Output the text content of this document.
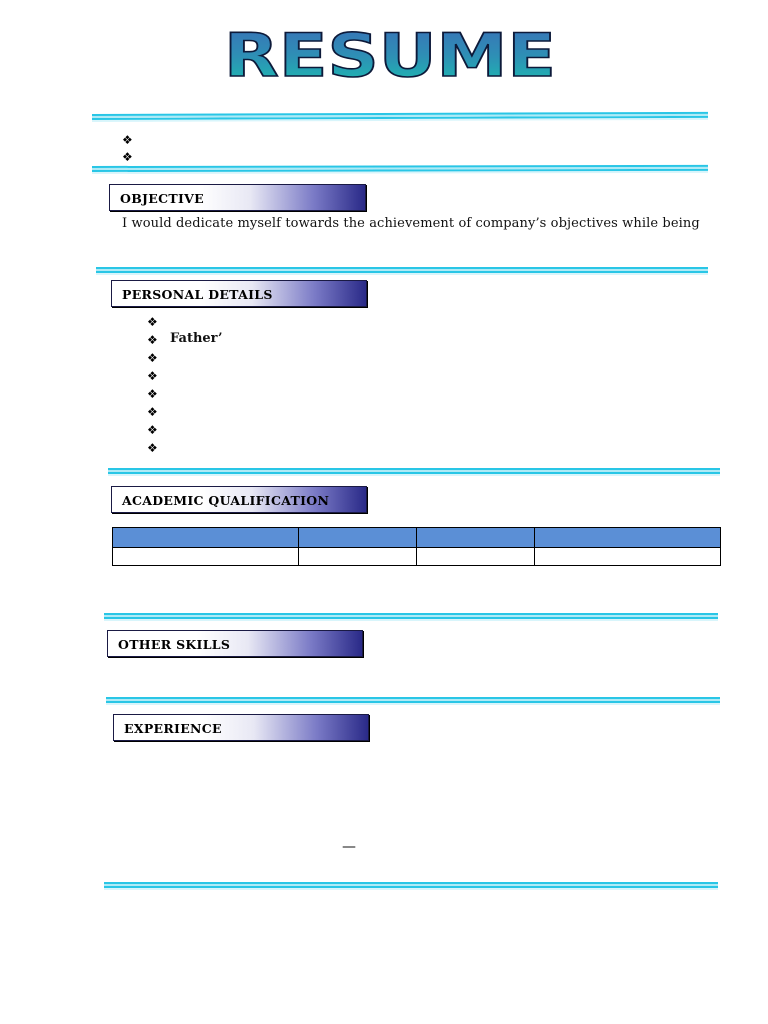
RESUME
❖
❖
OBJECTIVE
I would dedicate myself towards the achievement of company’s objectives while being
PERSONAL DETAILS
❖
❖ Father’
❖
❖
❖
❖
❖
❖
ACADEMIC QUALIFICATION

OTHER SKILLS
EXPERIENCE
—
